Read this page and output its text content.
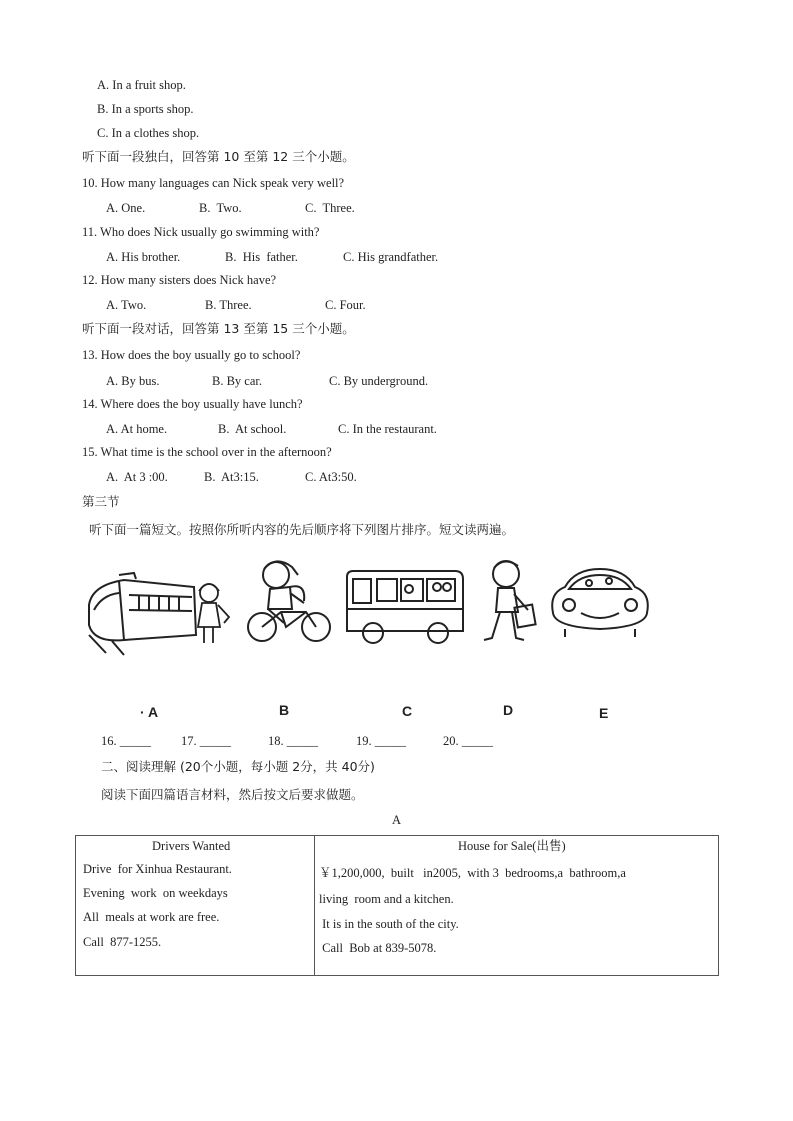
A. In a fruit shop.
B. In a sports shop.
C. In a clothes shop.
听下面一段独白，回答第 10 至第 12 三个小题。
10. How many languages can Nick speak very well?
A. One.	B.  Two.	C.  Three.
11. Who does Nick usually go swimming with?
A. His brother.	B.  His  father.	C. His grandfather.
12. How many sisters does Nick have?
A. Two.	B. Three.	C. Four.
听下面一段对话，回答第 13 至第 15 三个小题。
13. How does the boy usually go to school?
A. By bus.	B. By car.	C. By underground.
14. Where does the boy usually have lunch?
A. At home.	B.  At school.	C. In the restaurant.
15. What time is the school over in the afternoon?
A.  At 3 :00.	B.  At3:15.	C. At3:50.
第三节
听下面一篇短文。按照你所听内容的先后顺序将下列图片排序。短文读两遍。
· A	B	C	D	E
16. _____ 17. _____	18. _____	19. _____	20. _____
二、阅读理解 (20个小题，每小题 2分，共 40分)
阅读下面四篇语言材料，然后按文后要求做题。
A
Drivers Wanted
Drive  for Xinhua Restaurant.
Evening  work  on weekdays
All  meals at work are free.
Call  877-1255.

House for Sale(出售)
￥1,200,000,  built   in2005,  with 3  bedrooms,a  bathroom,a
living  room and a kitchen.
It is in the south of the city.
Call  Bob at 839-5078.
